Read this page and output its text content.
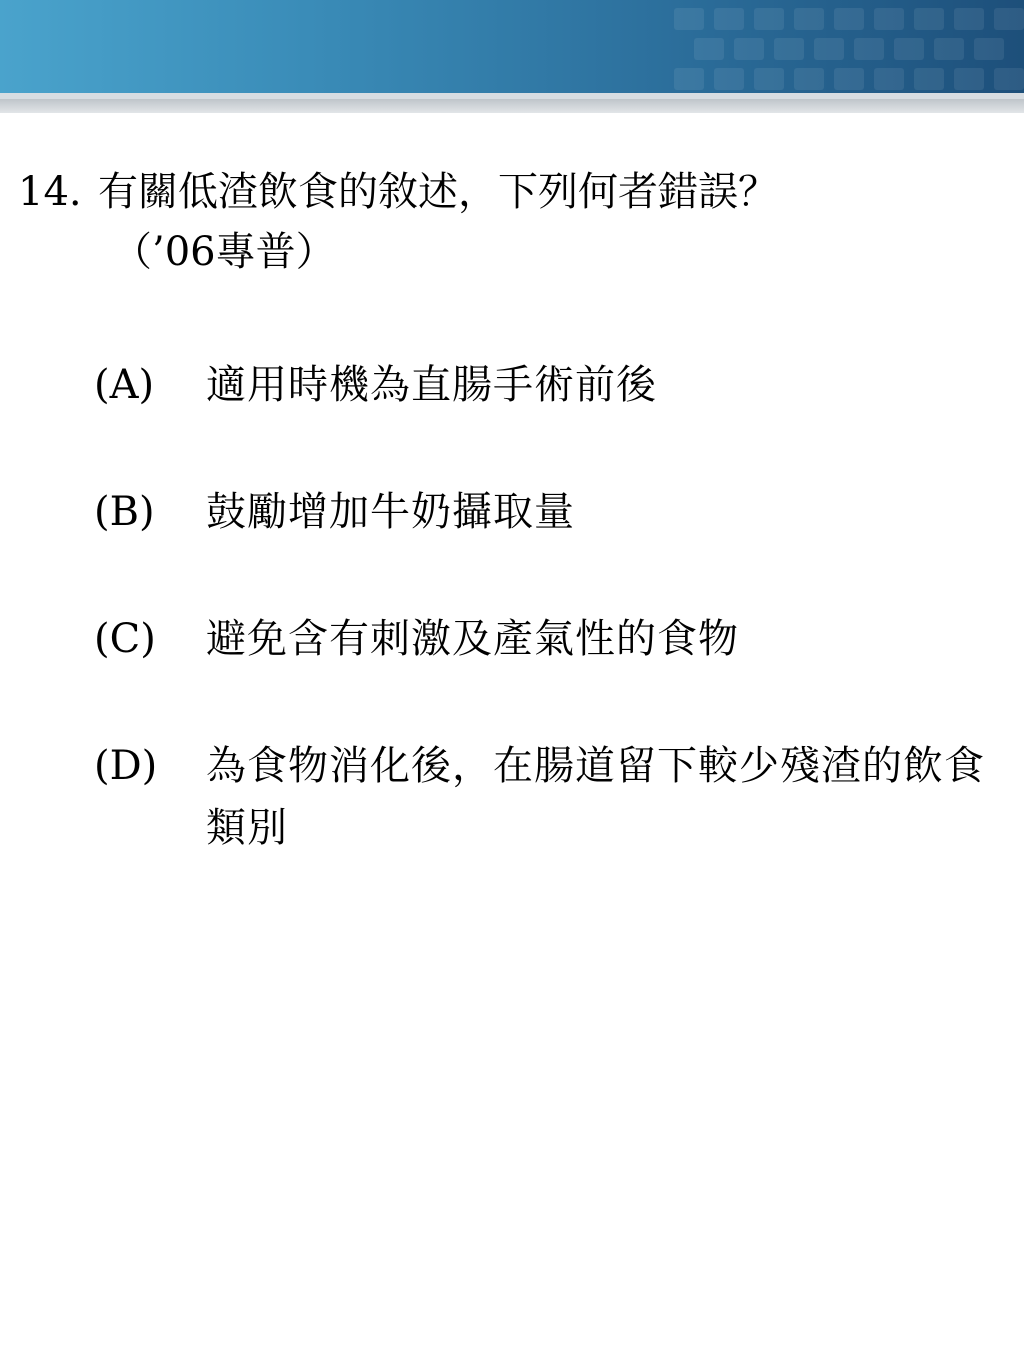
14. 有關低渣飲食的敘述，下列何者錯誤？
（’06專普）
(A)	適用時機為直腸手術前後
(B)	鼓勵增加牛奶攝取量
(C)	避免含有刺激及產氣性的食物
(D)	為食物消化後，在腸道留下較少殘渣的飲食類別
